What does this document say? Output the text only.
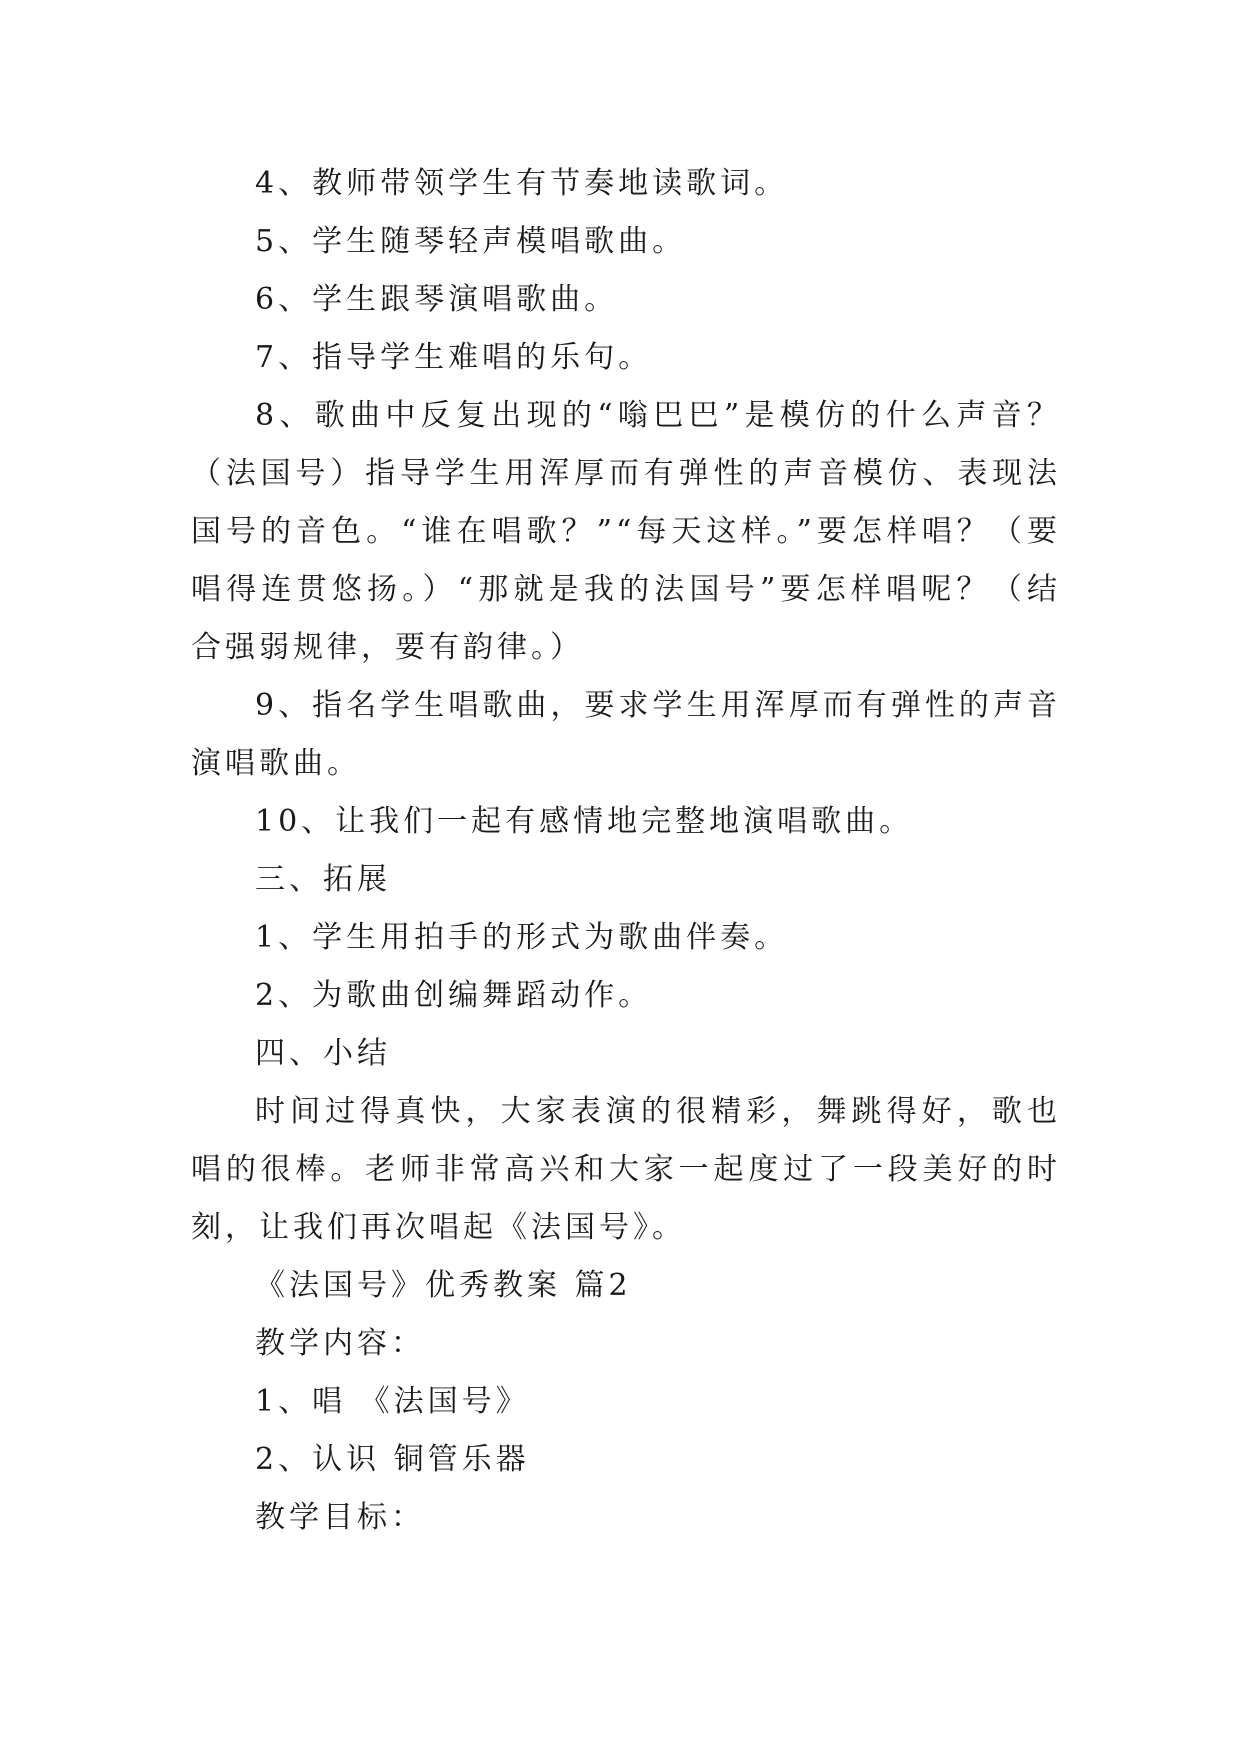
4、教师带领学生有节奏地读歌词。

5、学生随琴轻声模唱歌曲。

6、学生跟琴演唱歌曲。

7、指导学生难唱的乐句。

8、歌曲中反复出现的“嗡巴巴”是模仿的什么声音？（法国号）指导学生用浑厚而有弹性的声音模仿、表现法国号的音色。“谁在唱歌？”“每天这样。”要怎样唱？（要唱得连贯悠扬。）“那就是我的法国号”要怎样唱呢？（结合强弱规律，要有韵律。）

9、指名学生唱歌曲，要求学生用浑厚而有弹性的声音演唱歌曲。

10、让我们一起有感情地完整地演唱歌曲。

三、拓展

1、学生用拍手的形式为歌曲伴奏。

2、为歌曲创编舞蹈动作。

四、小结

时间过得真快，大家表演的很精彩，舞跳得好，歌也唱的很棒。老师非常高兴和大家一起度过了一段美好的时刻，让我们再次唱起《法国号》。

《法国号》优秀教案 篇2

教学内容：

1、唱 《法国号》

2、认识 铜管乐器

教学目标：
